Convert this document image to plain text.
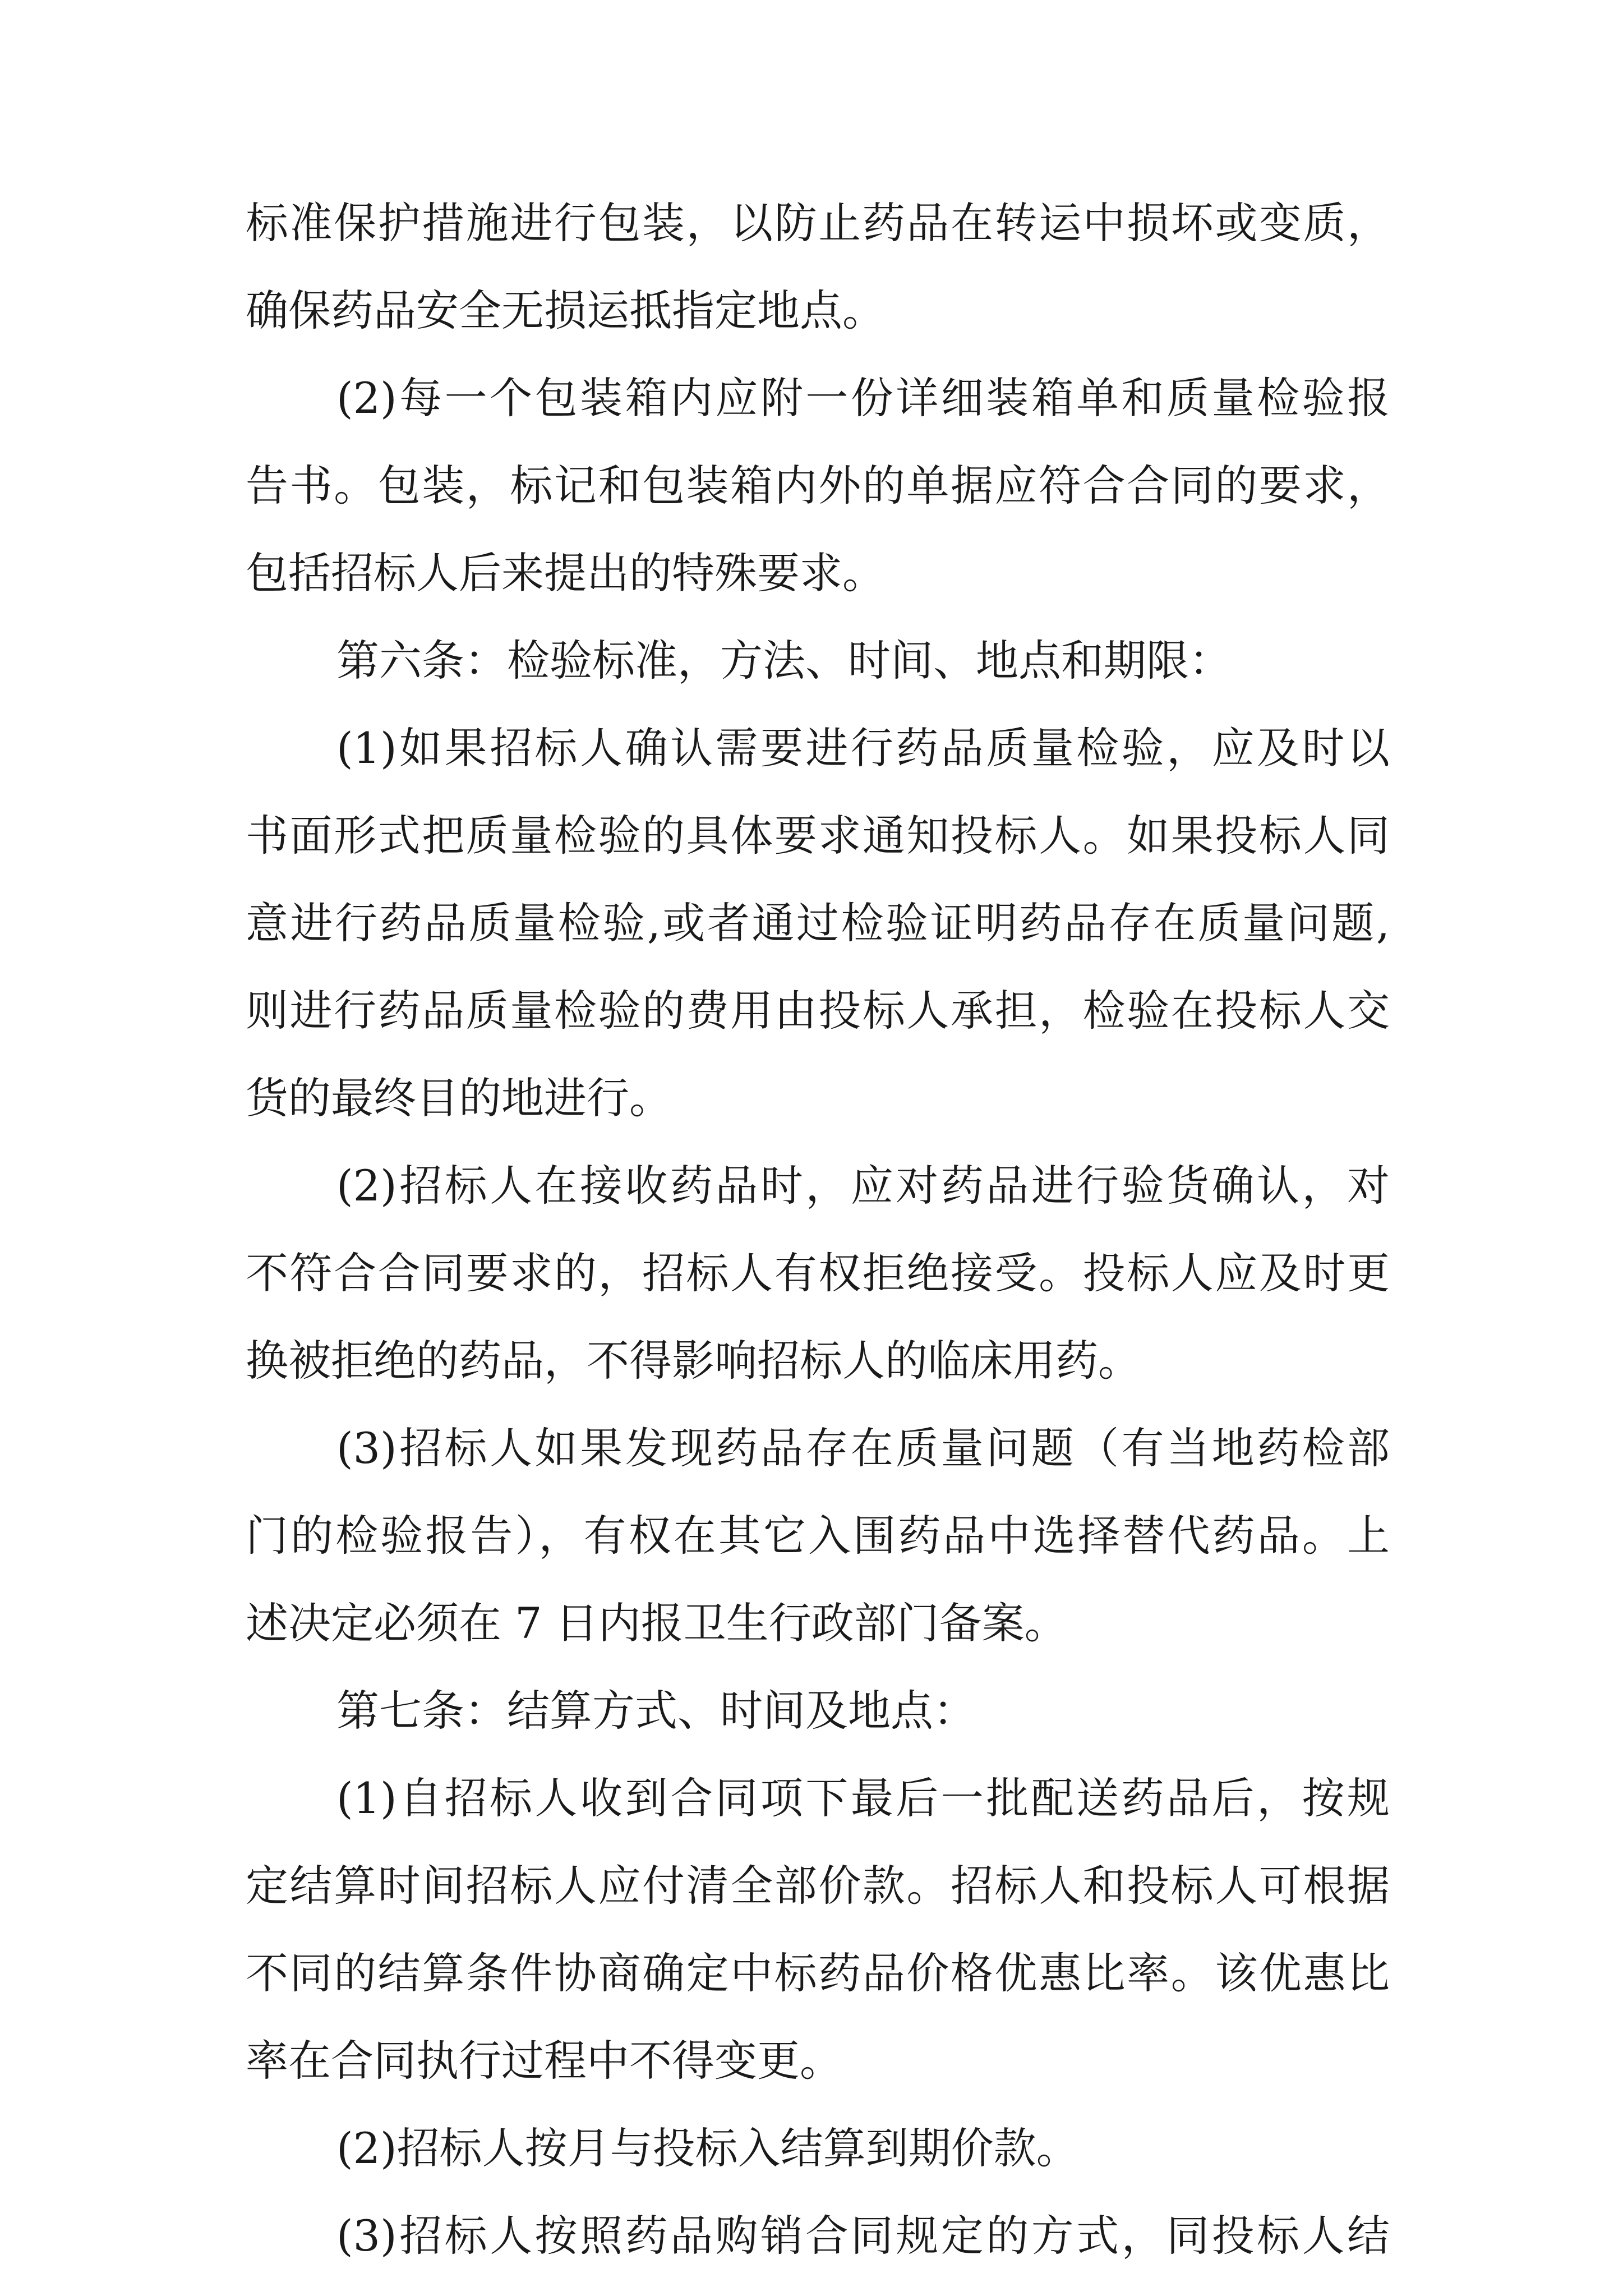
标准保护措施进行包装，以防止药品在转运中损坏或变质，
确保药品安全无损运抵指定地点。
(2)每一个包装箱内应附一份详细装箱单和质量检验报
告书。包装，标记和包装箱内外的单据应符合合同的要求，
包括招标人后来提出的特殊要求。
第六条：检验标准，方法、时间、地点和期限：
(1)如果招标人确认需要进行药品质量检验，应及时以
书面形式把质量检验的具体要求通知投标人。如果投标人同
意进行药品质量检验,或者通过检验证明药品存在质量问题,
则进行药品质量检验的费用由投标人承担，检验在投标人交
货的最终目的地进行。
(2)招标人在接收药品时，应对药品进行验货确认，对
不符合合同要求的，招标人有权拒绝接受。投标人应及时更
换被拒绝的药品，不得影响招标人的临床用药。
(3)招标人如果发现药品存在质量问题（有当地药检部
门的检验报告），有权在其它入围药品中选择替代药品。上
述决定必须在 7 日内报卫生行政部门备案。
第七条：结算方式、时间及地点：
(1)自招标人收到合同项下最后一批配送药品后，按规
定结算时间招标人应付清全部价款。招标人和投标人可根据
不同的结算条件协商确定中标药品价格优惠比率。该优惠比
率在合同执行过程中不得变更。
(2)招标人按月与投标入结算到期价款。
(3)招标人按照药品购销合同规定的方式，同投标人结
